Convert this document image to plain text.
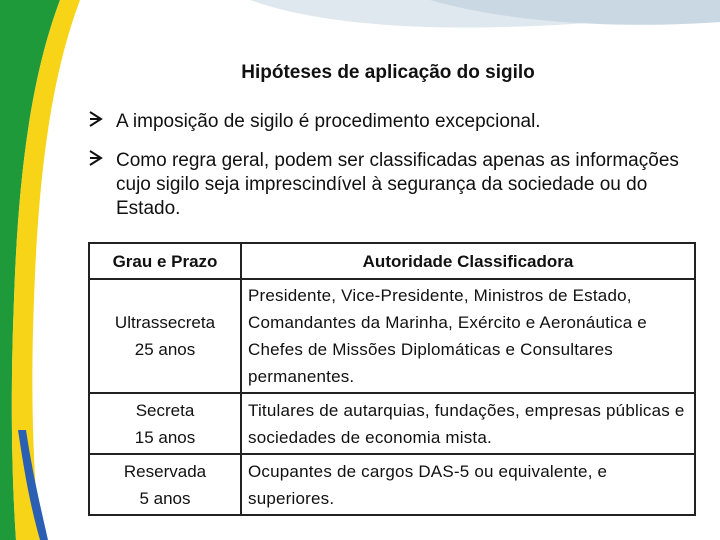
Hipóteses de aplicação do sigilo
A imposição de sigilo é procedimento excepcional.
Como regra geral, podem ser classificadas apenas as informações cujo sigilo seja imprescindível à segurança da sociedade ou do Estado.
Grau e Prazo	Autoridade Classificadora

Ultrassecreta
25 anos	Presidente, Vice-Presidente, Ministros de Estado, Comandantes da Marinha, Exército e Aeronáutica e Chefes de Missões Diplomáticas e Consultares permanentes.

Secreta
15 anos	Titulares de autarquias, fundações, empresas públicas e sociedades de economia mista.

Reservada
5 anos	Ocupantes de cargos DAS-5 ou equivalente, e superiores.
